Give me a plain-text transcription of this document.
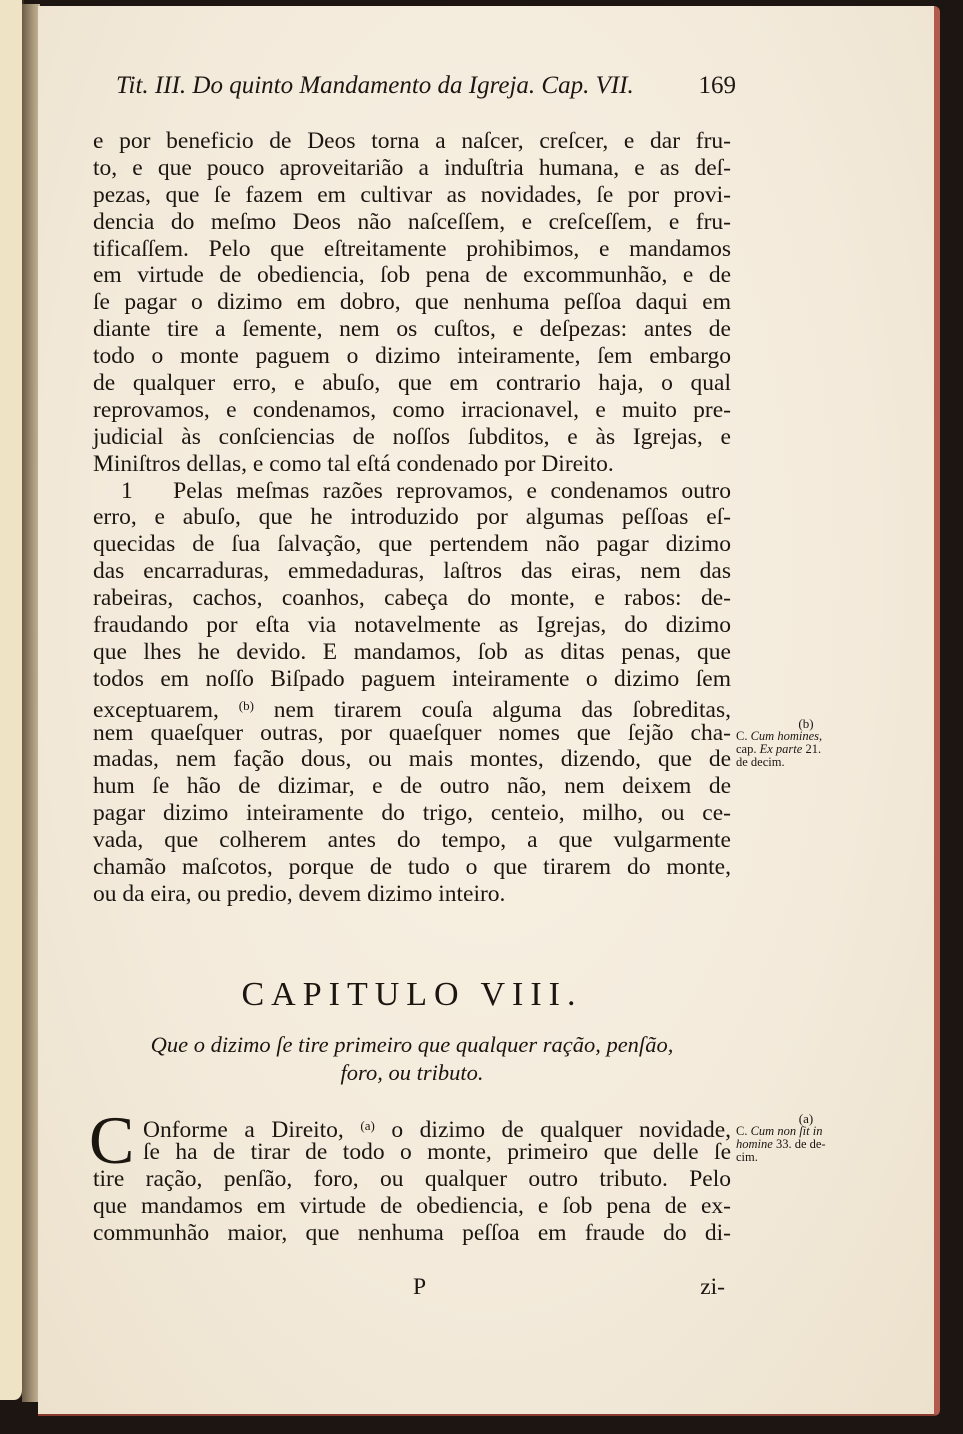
Tit. III. Do quinto Mandamento da Igreja. Cap. VII.	169
e por beneficio de Deos torna a naſcer, creſcer, e dar fru-
to, e que pouco aproveitarião a induſtria humana, e as deſ-
pezas, que ſe fazem em cultivar as novidades, ſe por provi-
dencia do meſmo Deos não naſceſſem, e creſceſſem, e fru-
tificaſſem. Pelo que eſtreitamente prohibimos, e mandamos
em virtude de obediencia, ſob pena de excommunhão, e de
ſe pagar o dizimo em dobro, que nenhuma peſſoa daqui em
diante tire a ſemente, nem os cuſtos, e deſpezas: antes de
todo o monte paguem o dizimo inteiramente, ſem embargo
de qualquer erro, e abuſo, que em contrario haja, o qual
reprovamos, e condenamos, como irracionavel, e muito pre-
judicial às conſciencias de noſſos ſubditos, e às Igrejas, e
Miniſtros dellas, e como tal eſtá condenado por Direito.
1 Pelas meſmas razões reprovamos, e condenamos outro
erro, e abuſo, que he introduzido por algumas peſſoas eſ-
quecidas de ſua ſalvação, que pertendem não pagar dizimo
das encarraduras, emmedaduras, laſtros das eiras, nem das
rabeiras, cachos, coanhos, cabeça do monte, e rabos: de-
fraudando por eſta via notavelmente as Igrejas, do dizimo
que lhes he devido. E mandamos, ſob as ditas penas, que
todos em noſſo Biſpado paguem inteiramente o dizimo ſem
exceptuarem, $^{(b)}$ nem tirarem couſa alguma das ſobreditas,
nem quaeſquer outras, por quaeſquer nomes que ſejão cha-
madas, nem fação dous, ou mais montes, dizendo, que de
hum ſe hão de dizimar, e de outro não, nem deixem de
pagar dizimo inteiramente do trigo, centeio, milho, ou ce-
vada, que colherem antes do tempo, a que vulgarmente
chamão maſcotos, porque de tudo o que tirarem do monte,
ou da eira, ou predio, devem dizimo inteiro.
CAPITULO VIII.
Que o dizimo ſe tire primeiro que qualquer ração, penſão,
foro, ou tributo.
C Onforme a Direito, $^{(a)}$ o dizimo de qualquer novidade,
ſe ha de tirar de todo o monte, primeiro que delle ſe
tire ração, penſão, foro, ou qualquer outro tributo. Pelo
que mandamos em virtude de obediencia, e ſob pena de ex-
communhão maior, que nenhuma peſſoa em fraude do di-
P	zi-
(b)
C. Cum homines,
cap. Ex parte 21.
de decim.
(a)
C. Cum non ſit in
homine 33. de de-
cim.
